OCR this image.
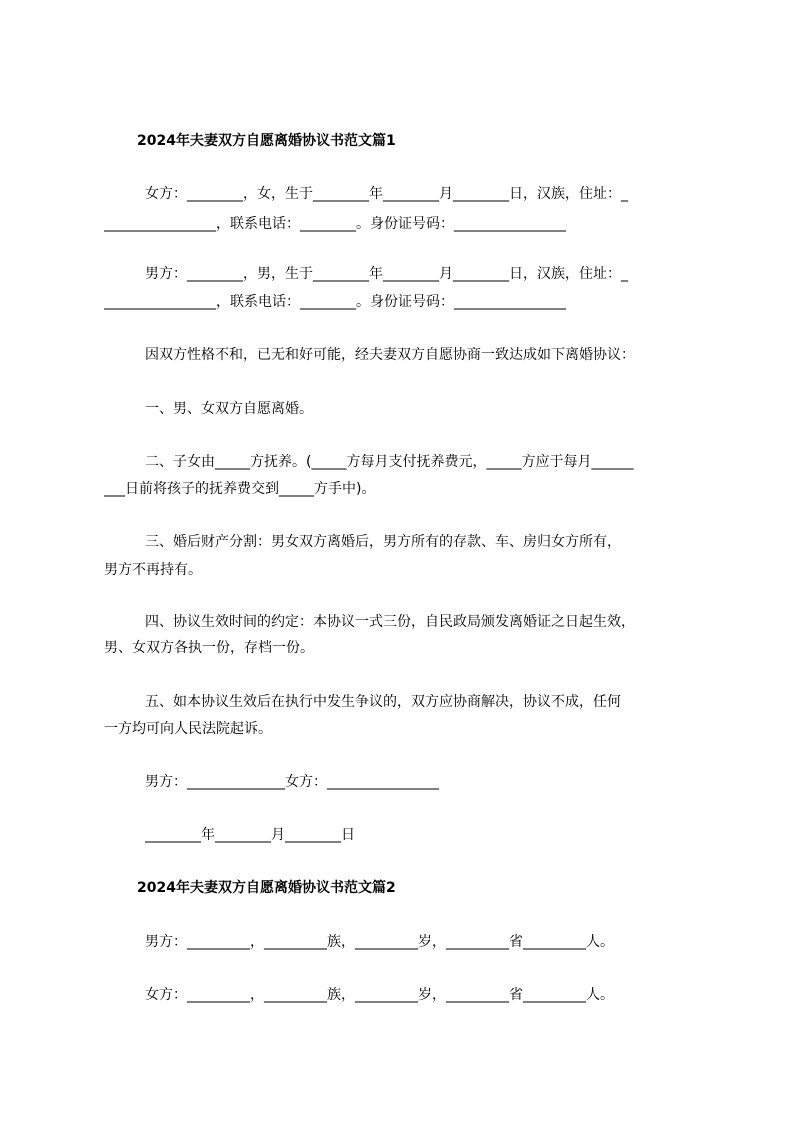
2024年夫妻双方自愿离婚协议书范文篇1
女方：________，女，生于________年________月________日，汉族，住址：_
________________，联系电话：________。身份证号码：________________
男方：________，男，生于________年________月________日，汉族，住址：_
________________，联系电话：________。身份证号码：________________
因双方性格不和，已无和好可能，经夫妻双方自愿协商一致达成如下离婚协议：
一、男、女双方自愿离婚。
二、子女由_____方抚养。(_____方每月支付抚养费元，_____方应于每月______
___日前将孩子的抚养费交到_____方手中)。
三、婚后财产分割：男女双方离婚后，男方所有的存款、车、房归女方所有，
男方不再持有。
四、协议生效时间的约定：本协议一式三份，自民政局颁发离婚证之日起生效，
男、女双方各执一份，存档一份。
五、如本协议生效后在执行中发生争议的，双方应协商解决，协议不成，任何
一方均可向人民法院起诉。
男方：______________女方：________________
________年________月________日
2024年夫妻双方自愿离婚协议书范文篇2
男方：_________，_________族，_________岁，_________省_________人。
女方：_________，_________族，_________岁，_________省_________人。
